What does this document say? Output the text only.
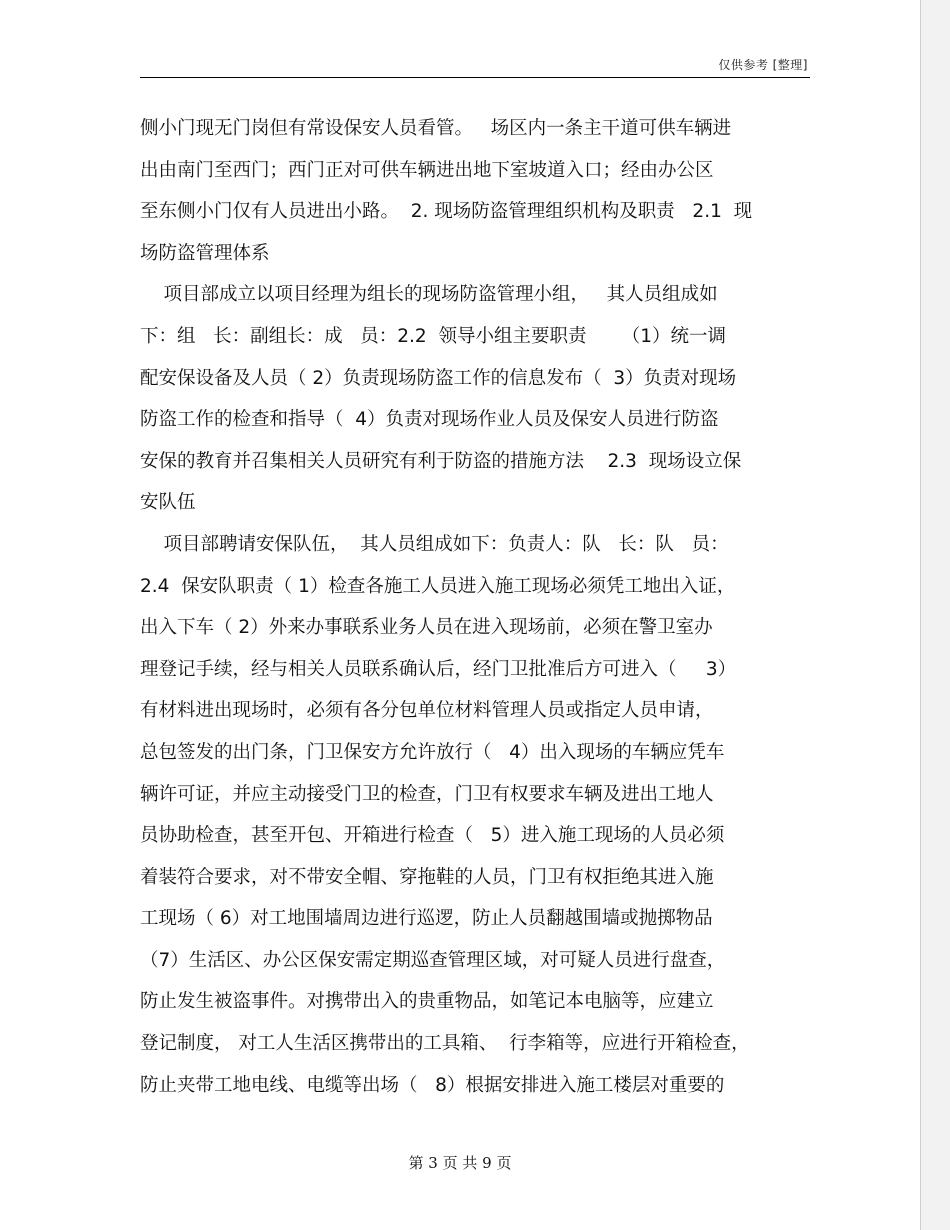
仅供参考 [整理]
侧小门现无门岗但有常设保安人员看管。   场区内一条主干道可供车辆进
出由南门至西门；西门正对可供车辆进出地下室坡道入口；经由办公区
至东侧小门仅有人员进出小路。  2. 现场防盗管理组织机构及职责   2.1  现
场防盗管理体系
项目部成立以项目经理为组长的现场防盗管理小组，   其人员组成如
下：组   长：副组长：成   员：2.2  领导小组主要职责      （1）统一调
配安保设备及人员（ 2）负责现场防盗工作的信息发布（  3）负责对现场
防盗工作的检查和指导（  4）负责对现场作业人员及保安人员进行防盗
安保的教育并召集相关人员研究有利于防盗的措施方法    2.3  现场设立保
安队伍
项目部聘请安保队伍，  其人员组成如下：负责人：队   长：队   员：
2.4  保安队职责（ 1）检查各施工人员进入施工现场必须凭工地出入证，
出入下车（ 2）外来办事联系业务人员在进入现场前，必须在警卫室办
理登记手续，经与相关人员联系确认后，经门卫批准后方可进入（     3）
有材料进出现场时，必须有各分包单位材料管理人员或指定人员申请，
总包签发的出门条，门卫保安方允许放行（   4）出入现场的车辆应凭车
辆许可证，并应主动接受门卫的检查，门卫有权要求车辆及进出工地人
员协助检查，甚至开包、开箱进行检查（   5）进入施工现场的人员必须
着装符合要求，对不带安全帽、穿拖鞋的人员，门卫有权拒绝其进入施
工现场（ 6）对工地围墙周边进行巡逻，防止人员翻越围墙或抛掷物品
（7）生活区、办公区保安需定期巡查管理区域，对可疑人员进行盘查，
防止发生被盗事件。对携带出入的贵重物品，如笔记本电脑等，应建立
登记制度， 对工人生活区携带出的工具箱、  行李箱等，应进行开箱检查，
防止夹带工地电线、电缆等出场（   8）根据安排进入施工楼层对重要的
第 3 页 共 9 页
